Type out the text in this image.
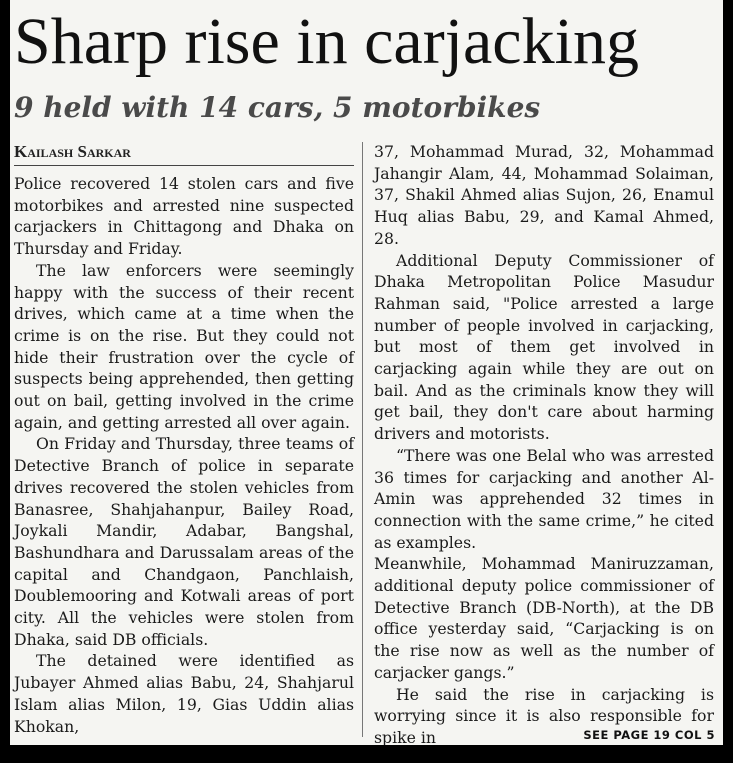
Sharp rise in carjacking
9 held with 14 cars, 5 motorbikes
Kailash Sarkar

Police recovered 14 stolen cars and five motorbikes and arrested nine suspected carjackers in Chittagong and Dhaka on Thursday and Friday.

The law enforcers were seemingly happy with the success of their recent drives, which came at a time when the crime is on the rise. But they could not hide their frustration over the cycle of suspects being apprehended, then getting out on bail, getting involved in the crime again, and getting arrested all over again.

On Friday and Thursday, three teams of Detective Branch of police in separate drives recovered the stolen vehicles from Banasree, Shahjahanpur, Bailey Road, Joykali Mandir, Adabar, Bangshal, Bashundhara and Darussalam areas of the capital and Chandgaon, Panchlaish, Doublemooring and Kotwali areas of port city. All the vehicles were stolen from Dhaka, said DB officials.

The detained were identified as Jubayer Ahmed alias Babu, 24, Shahjarul Islam alias Milon, 19, Gias Uddin alias Khokan,

37, Mohammad Murad, 32, Mohammad Jahangir Alam, 44, Mohammad Solaiman, 37, Shakil Ahmed alias Sujon, 26, Enamul Huq alias Babu, 29, and Kamal Ahmed, 28.

Additional Deputy Commissioner of Dhaka Metropolitan Police Masudur Rahman said, "Police arrested a large number of people involved in carjacking, but most of them get involved in carjacking again while they are out on bail. And as the criminals know they will get bail, they don't care about harming drivers and motorists.

“There was one Belal who was arrested 36 times for carjacking and another Al-Amin was apprehended 32 times in connection with the same crime,” he cited as examples.

Meanwhile, Mohammad Maniruzzaman, additional deputy police commissioner of Detective Branch (DB-North), at the DB office yesterday said, “Carjacking is on the rise now as well as the number of carjacker gangs.”

He said the rise in carjacking is worrying since it is also responsible for spike in	SEE PAGE 19 COL 5
